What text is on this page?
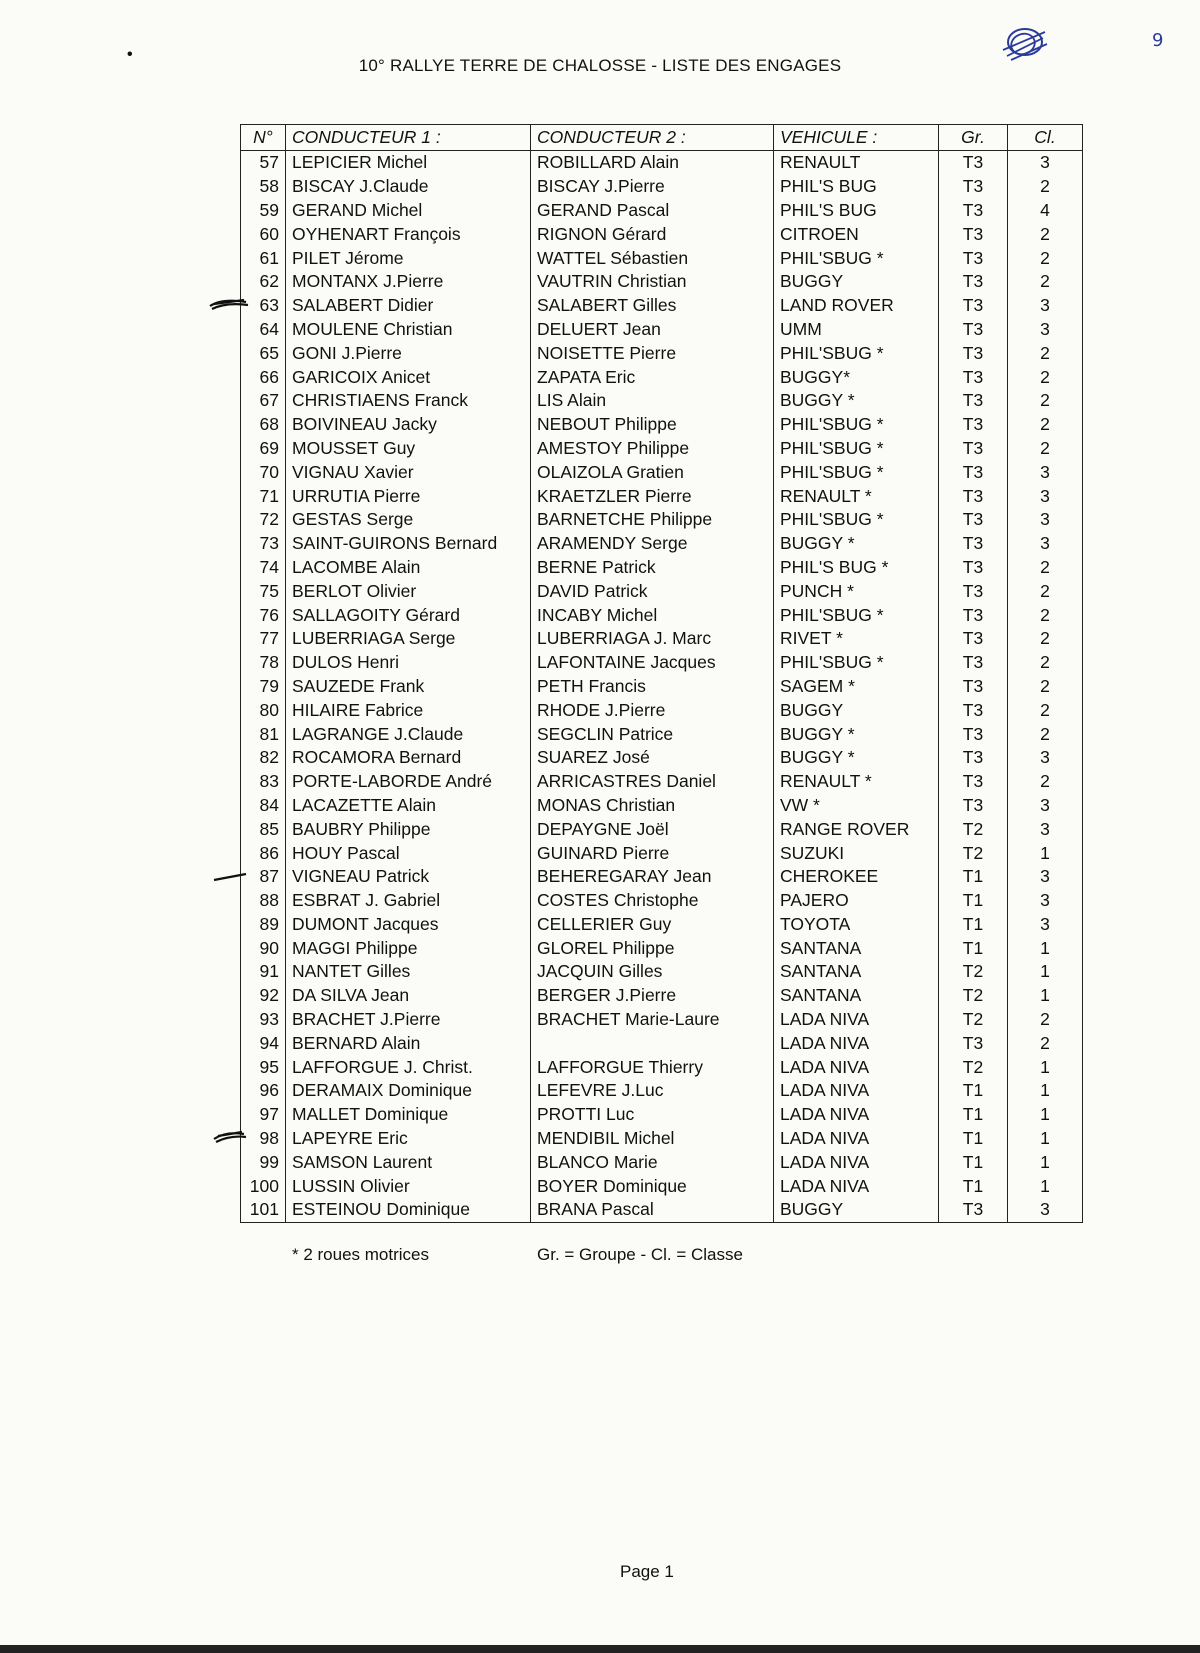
•
9
10° RALLYE TERRE DE CHALOSSE - LISTE DES ENGAGES
N°	CONDUCTEUR 1 :	CONDUCTEUR 2 :	VEHICULE :	Gr.	Cl.
57	LEPICIER Michel	ROBILLARD Alain	RENAULT	T3	3
58	BISCAY J.Claude	BISCAY J.Pierre	PHIL'S BUG	T3	2
59	GERAND Michel	GERAND Pascal	PHIL'S BUG	T3	4
60	OYHENART François	RIGNON Gérard	CITROEN	T3	2
61	PILET Jérome	WATTEL Sébastien	PHIL'SBUG *	T3	2
62	MONTANX J.Pierre	VAUTRIN Christian	BUGGY	T3	2
63	SALABERT Didier	SALABERT Gilles	LAND ROVER	T3	3
64	MOULENE Christian	DELUERT Jean	UMM	T3	3
65	GONI J.Pierre	NOISETTE Pierre	PHIL'SBUG *	T3	2
66	GARICOIX Anicet	ZAPATA Eric	BUGGY*	T3	2
67	CHRISTIAENS Franck	LIS Alain	BUGGY *	T3	2
68	BOIVINEAU Jacky	NEBOUT Philippe	PHIL'SBUG *	T3	2
69	MOUSSET Guy	AMESTOY Philippe	PHIL'SBUG *	T3	2
70	VIGNAU Xavier	OLAIZOLA Gratien	PHIL'SBUG *	T3	3
71	URRUTIA Pierre	KRAETZLER Pierre	RENAULT *	T3	3
72	GESTAS Serge	BARNETCHE Philippe	PHIL'SBUG *	T3	3
73	SAINT-GUIRONS Bernard	ARAMENDY Serge	BUGGY *	T3	3
74	LACOMBE Alain	BERNE Patrick	PHIL'S BUG *	T3	2
75	BERLOT Olivier	DAVID Patrick	PUNCH *	T3	2
76	SALLAGOITY Gérard	INCABY Michel	PHIL'SBUG *	T3	2
77	LUBERRIAGA Serge	LUBERRIAGA J. Marc	RIVET *	T3	2
78	DULOS Henri	LAFONTAINE Jacques	PHIL'SBUG *	T3	2
79	SAUZEDE Frank	PETH Francis	SAGEM *	T3	2
80	HILAIRE Fabrice	RHODE J.Pierre	BUGGY	T3	2
81	LAGRANGE J.Claude	SEGCLIN Patrice	BUGGY *	T3	2
82	ROCAMORA Bernard	SUAREZ José	BUGGY *	T3	3
83	PORTE-LABORDE André	ARRICASTRES Daniel	RENAULT *	T3	2
84	LACAZETTE Alain	MONAS Christian	VW *	T3	3
85	BAUBRY Philippe	DEPAYGNE Joël	RANGE ROVER	T2	3
86	HOUY Pascal	GUINARD Pierre	SUZUKI	T2	1
87	VIGNEAU Patrick	BEHEREGARAY Jean	CHEROKEE	T1	3
88	ESBRAT J. Gabriel	COSTES Christophe	PAJERO	T1	3
89	DUMONT Jacques	CELLERIER Guy	TOYOTA	T1	3
90	MAGGI Philippe	GLOREL Philippe	SANTANA	T1	1
91	NANTET Gilles	JACQUIN Gilles	SANTANA	T2	1
92	DA SILVA Jean	BERGER J.Pierre	SANTANA	T2	1
93	BRACHET J.Pierre	BRACHET Marie-Laure	LADA NIVA	T2	2
94	BERNARD Alain		LADA NIVA	T3	2
95	LAFFORGUE J. Christ.	LAFFORGUE Thierry	LADA NIVA	T2	1
96	DERAMAIX Dominique	LEFEVRE J.Luc	LADA NIVA	T1	1
97	MALLET Dominique	PROTTI Luc	LADA NIVA	T1	1
98	LAPEYRE Eric	MENDIBIL Michel	LADA NIVA	T1	1
99	SAMSON Laurent	BLANCO Marie	LADA NIVA	T1	1
100	LUSSIN Olivier	BOYER Dominique	LADA NIVA	T1	1
101	ESTEINOU Dominique	BRANA Pascal	BUGGY	T3	3
* 2 roues motrices	Gr. = Groupe - Cl. = Classe
Page 1
